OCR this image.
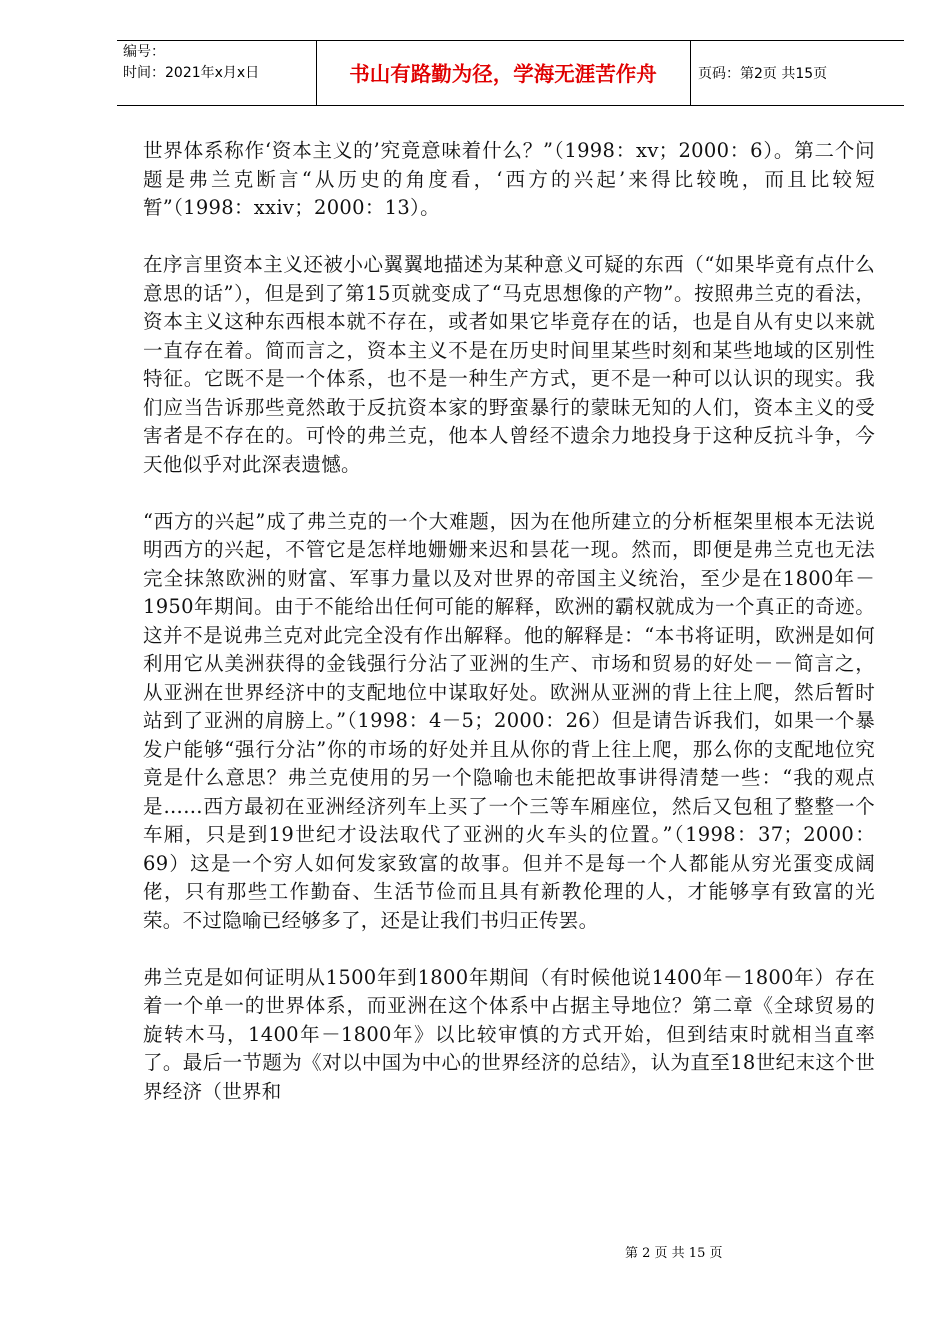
编号：
时间：2021年x月x日	书山有路勤为径，学海无涯苦作舟	页码：第2页 共15页

世界体系称作‘资本主义的’究竟意味着什么？”（1998：xv；2000：6）。第二个问题是弗兰克断言“从历史的角度看，‘西方的兴起’来得比较晚，而且比较短暂”（1998：xxiv；2000：13）。

在序言里资本主义还被小心翼翼地描述为某种意义可疑的东西（“如果毕竟有点什么意思的话”），但是到了第15页就变成了“马克思想像的产物”。按照弗兰克的看法，资本主义这种东西根本就不存在，或者如果它毕竟存在的话，也是自从有史以来就一直存在着。简而言之，资本主义不是在历史时间里某些时刻和某些地域的区别性特征。它既不是一个体系，也不是一种生产方式，更不是一种可以认识的现实。我们应当告诉那些竟然敢于反抗资本家的野蛮暴行的蒙昧无知的人们，资本主义的受害者是不存在的。可怜的弗兰克，他本人曾经不遗余力地投身于这种反抗斗争，今天他似乎对此深表遗憾。

“西方的兴起”成了弗兰克的一个大难题，因为在他所建立的分析框架里根本无法说明西方的兴起，不管它是怎样地姗姗来迟和昙花一现。然而，即便是弗兰克也无法完全抹煞欧洲的财富、军事力量以及对世界的帝国主义统治，至少是在1800年－1950年期间。由于不能给出任何可能的解释，欧洲的霸权就成为一个真正的奇迹。这并不是说弗兰克对此完全没有作出解释。他的解释是：“本书将证明，欧洲是如何利用它从美洲获得的金钱强行分沾了亚洲的生产、市场和贸易的好处－－简言之，从亚洲在世界经济中的支配地位中谋取好处。欧洲从亚洲的背上往上爬，然后暂时站到了亚洲的肩膀上。”（1998：4－5；2000：26）但是请告诉我们，如果一个暴发户能够“强行分沾”你的市场的好处并且从你的背上往上爬，那么你的支配地位究竟是什么意思？弗兰克使用的另一个隐喻也未能把故事讲得清楚一些：“我的观点是……西方最初在亚洲经济列车上买了一个三等车厢座位，然后又包租了整整一个车厢，只是到19世纪才设法取代了亚洲的火车头的位置。”（1998：37；2000：69）这是一个穷人如何发家致富的故事。但并不是每一个人都能从穷光蛋变成阔佬，只有那些工作勤奋、生活节俭而且具有新教伦理的人，才能够享有致富的光荣。不过隐喻已经够多了，还是让我们书归正传罢。

弗兰克是如何证明从1500年到1800年期间（有时候他说1400年－1800年）存在着一个单一的世界体系，而亚洲在这个体系中占据主导地位？第二章《全球贸易的旋转木马，1400年－1800年》以比较审慎的方式开始，但到结束时就相当直率了。最后一节题为《对以中国为中心的世界经济的总结》，认为直至18世纪末这个世界经济（世界和

第 2 页 共 15 页
